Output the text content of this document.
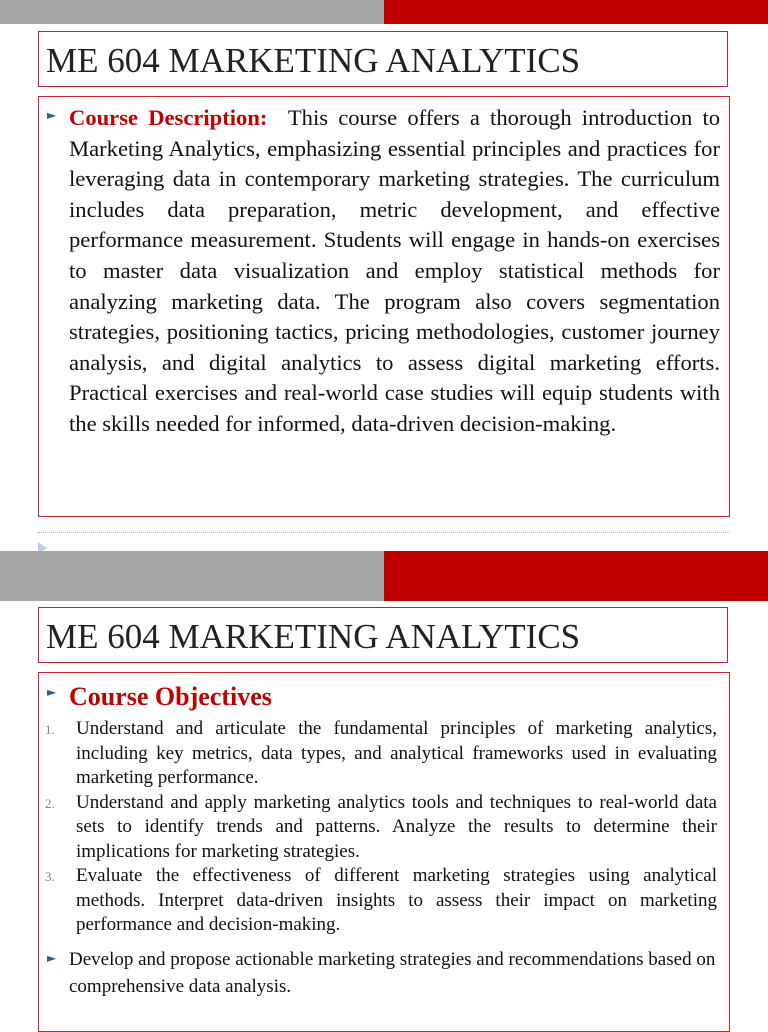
ME 604 MARKETING ANALYTICS
► Course Description: This course offers a thorough introduction to Marketing Analytics, emphasizing essential principles and practices for leveraging data in contemporary marketing strategies. The curriculum includes data preparation, metric development, and effective performance measurement. Students will engage in hands-on exercises to master data visualization and employ statistical methods for analyzing marketing data. The program also covers segmentation strategies, positioning tactics, pricing methodologies, customer journey analysis, and digital analytics to assess digital marketing efforts. Practical exercises and real-world case studies will equip students with the skills needed for informed, data-driven decision-making.

ME 604 MARKETING ANALYTICS
► Course Objectives

1.	Understand and articulate the fundamental principles of marketing analytics, including key metrics, data types, and analytical frameworks used in evaluating marketing performance.
2.	Understand and apply marketing analytics tools and techniques to real-world data sets to identify trends and patterns. Analyze the results to determine their implications for marketing strategies.
3.	Evaluate the effectiveness of different marketing strategies using analytical methods. Interpret data-driven insights to assess their impact on marketing performance and decision-making.

► Develop and propose actionable marketing strategies and recommendations based on comprehensive data analysis.
